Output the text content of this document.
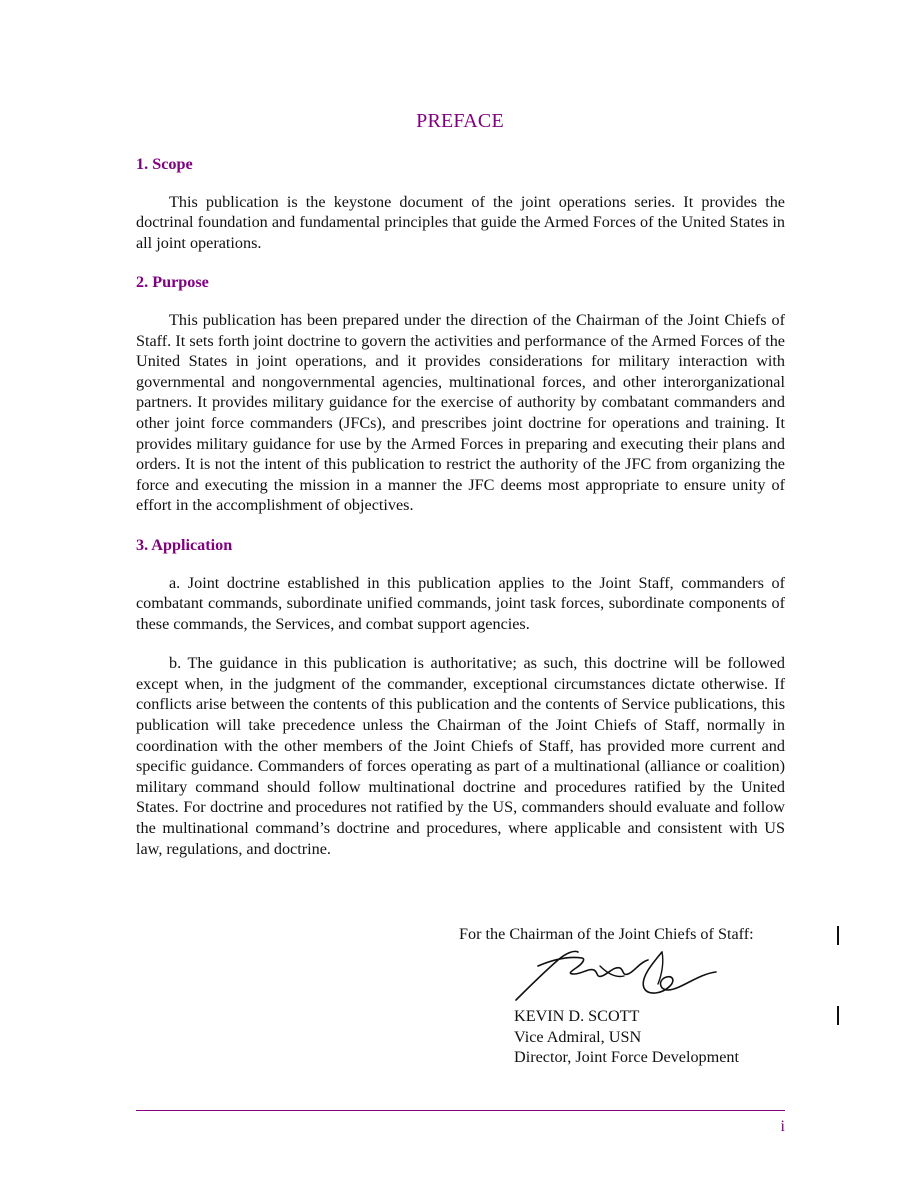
PREFACE
1. Scope

This publication is the keystone document of the joint operations series. It provides the doctrinal foundation and fundamental principles that guide the Armed Forces of the United States in all joint operations.

2. Purpose

This publication has been prepared under the direction of the Chairman of the Joint Chiefs of Staff. It sets forth joint doctrine to govern the activities and performance of the Armed Forces of the United States in joint operations, and it provides considerations for military interaction with governmental and nongovernmental agencies, multinational forces, and other interorganizational partners. It provides military guidance for the exercise of authority by combatant commanders and other joint force commanders (JFCs), and prescribes joint doctrine for operations and training. It provides military guidance for use by the Armed Forces in preparing and executing their plans and orders. It is not the intent of this publication to restrict the authority of the JFC from organizing the force and executing the mission in a manner the JFC deems most appropriate to ensure unity of effort in the accomplishment of objectives.

3. Application

a. Joint doctrine established in this publication applies to the Joint Staff, commanders of combatant commands, subordinate unified commands, joint task forces, subordinate components of these commands, the Services, and combat support agencies.

b. The guidance in this publication is authoritative; as such, this doctrine will be followed except when, in the judgment of the commander, exceptional circumstances dictate otherwise. If conflicts arise between the contents of this publication and the contents of Service publications, this publication will take precedence unless the Chairman of the Joint Chiefs of Staff, normally in coordination with the other members of the Joint Chiefs of Staff, has provided more current and specific guidance. Commanders of forces operating as part of a multinational (alliance or coalition) military command should follow multinational doctrine and procedures ratified by the United States. For doctrine and procedures not ratified by the US, commanders should evaluate and follow the multinational command’s doctrine and procedures, where applicable and consistent with US law, regulations, and doctrine.

For the Chairman of the Joint Chiefs of Staff:
KEVIN D. SCOTT
Vice Admiral, USN
Director, Joint Force Development
i
